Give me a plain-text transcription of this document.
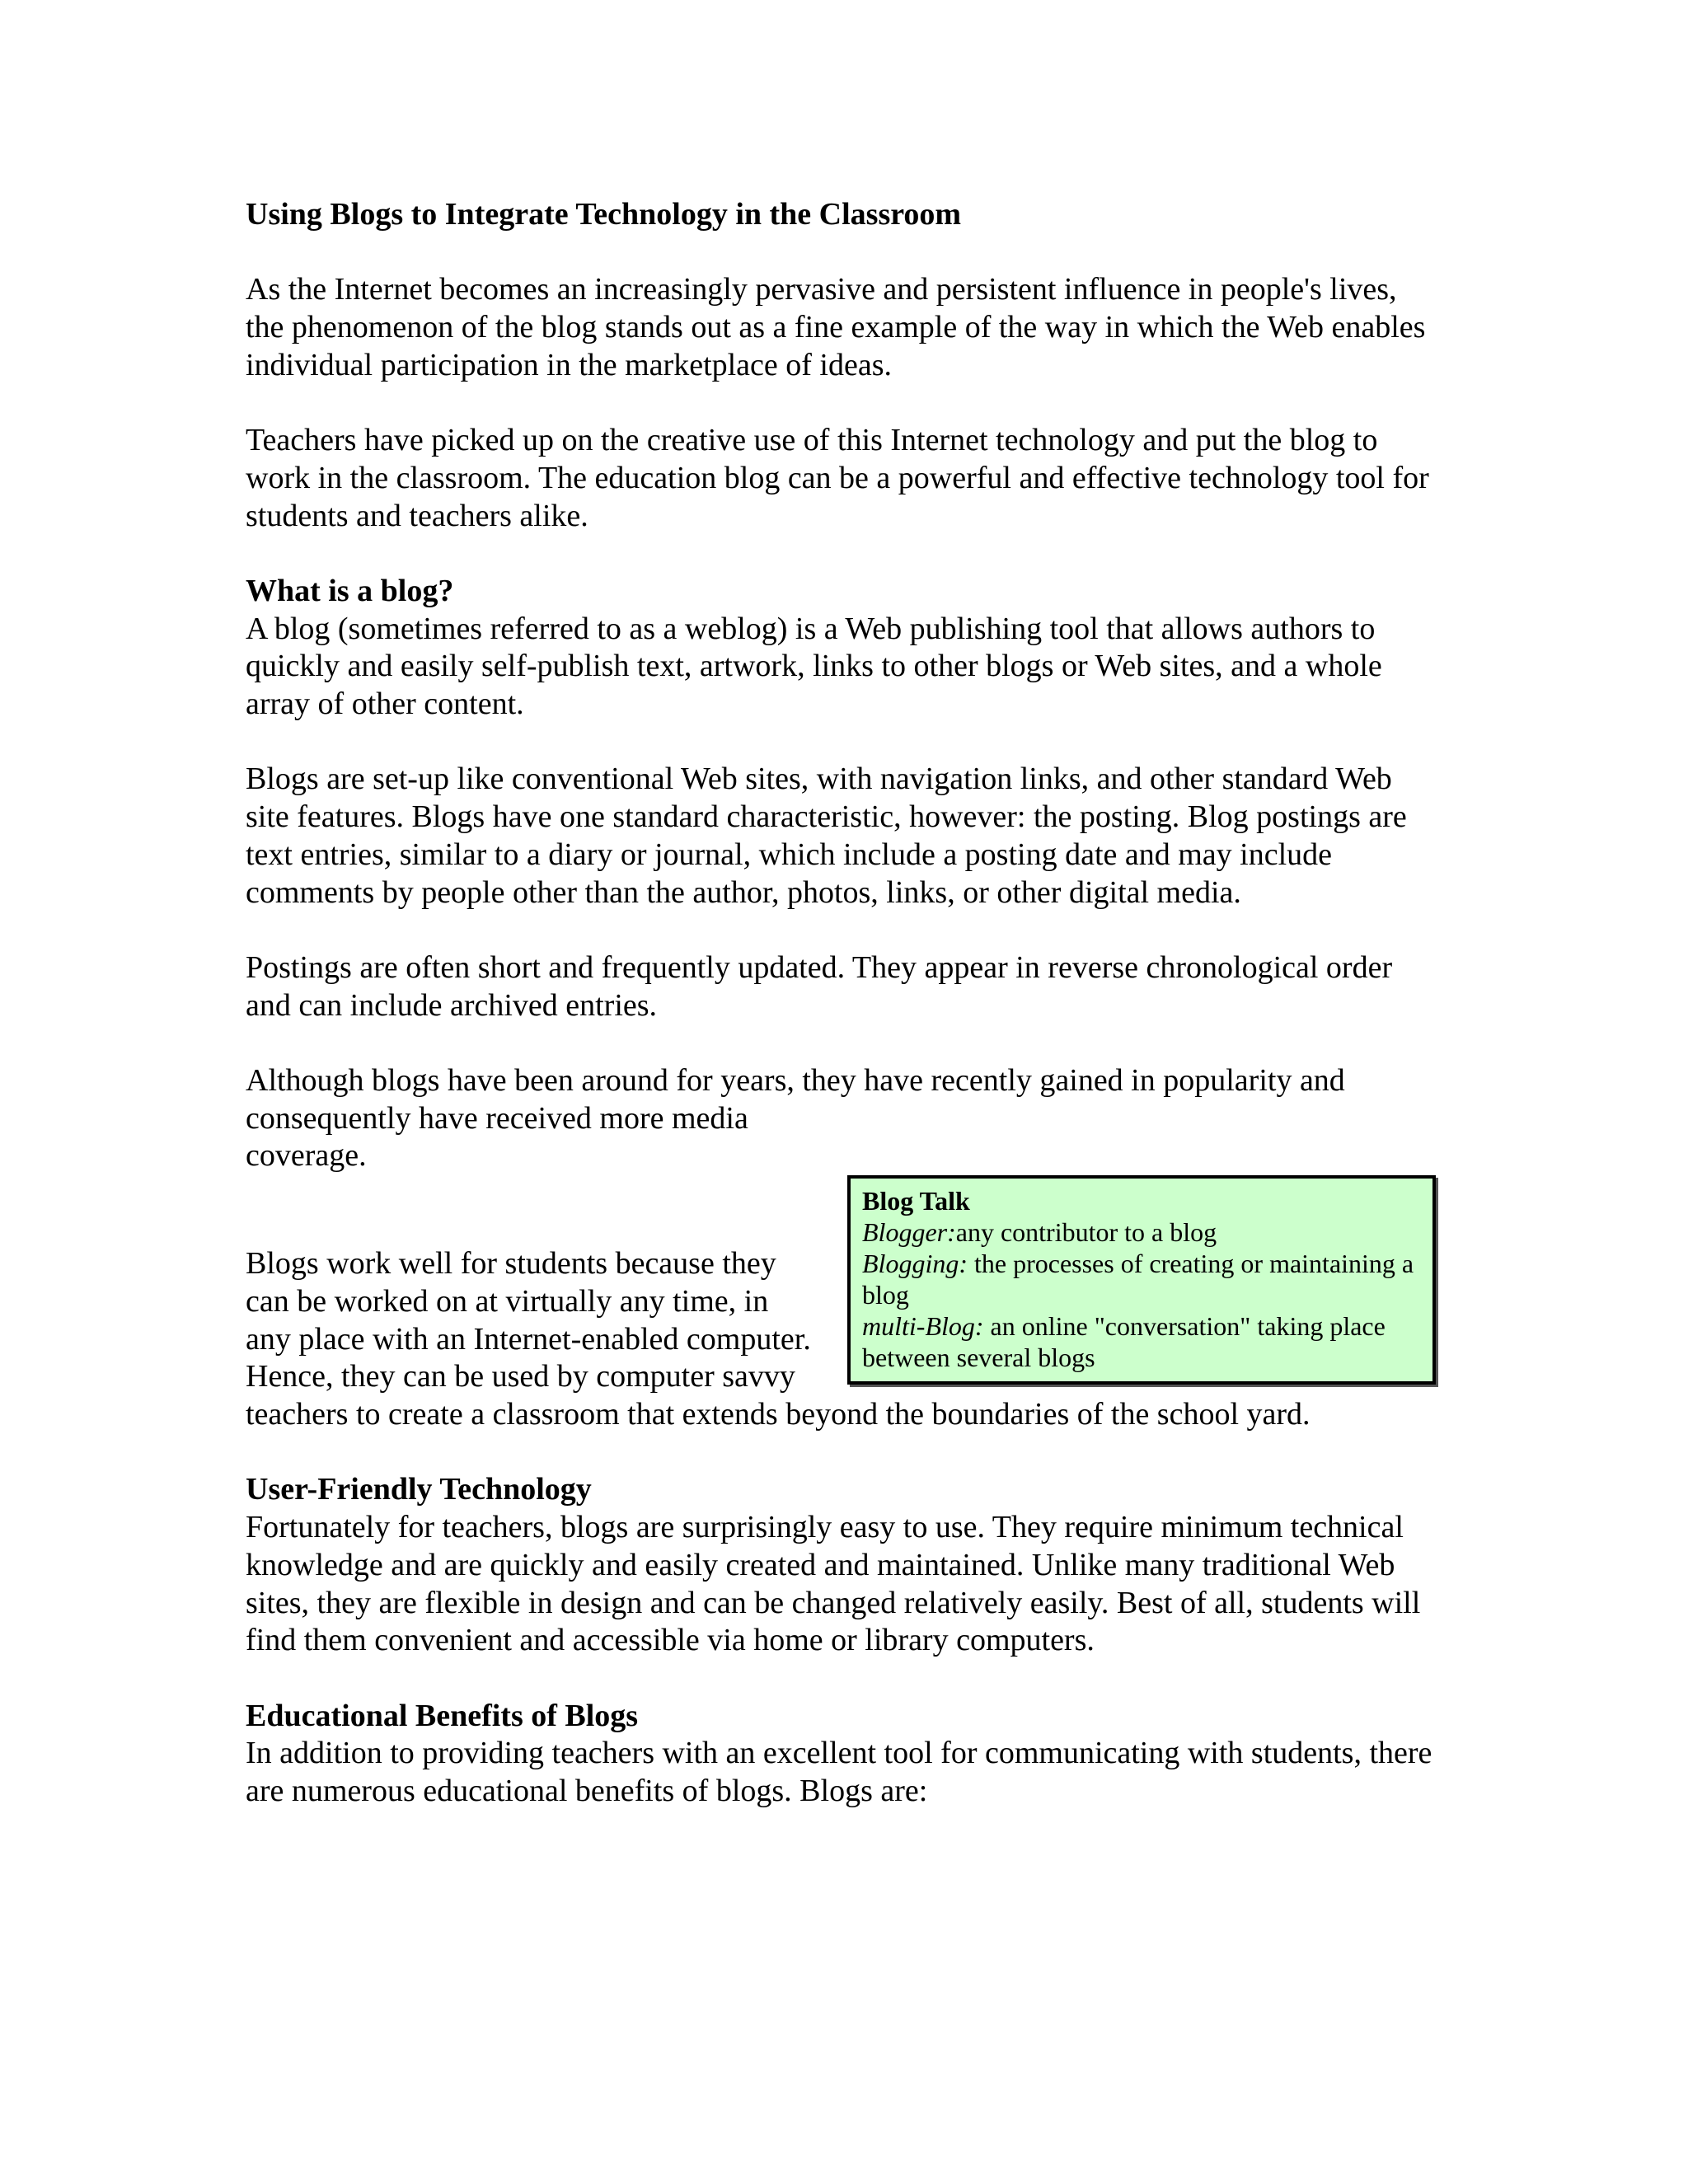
Using Blogs to Integrate Technology in the Classroom

As the Internet becomes an increasingly pervasive and persistent influence in people's lives, the phenomenon of the blog stands out as a fine example of the way in which the Web enables individual participation in the marketplace of ideas.

Teachers have picked up on the creative use of this Internet technology and put the blog to work in the classroom. The education blog can be a powerful and effective technology tool for students and teachers alike.

What is a blog?
A blog (sometimes referred to as a weblog) is a Web publishing tool that allows authors to quickly and easily self-publish text, artwork, links to other blogs or Web sites, and a whole array of other content.

Blogs are set-up like conventional Web sites, with navigation links, and other standard Web site features. Blogs have one standard characteristic, however: the posting. Blog postings are text entries, similar to a diary or journal, which include a posting date and may include comments by people other than the author, photos, links, or other digital media.

Postings are often short and frequently updated. They appear in reverse chronological order and can include archived entries.

Although blogs have been around for years, they have recently gained in popularity and
consequently have received more media
coverage.
Blog Talk
Blogger:any contributor to a blog
Blogging: the processes of creating or maintaining a blog
multi-Blog: an online "conversation" taking place between several blogs
Blogs work well for students because they can be worked on at virtually any time, in any place with an Internet-enabled computer. Hence, they can be used by computer savvy teachers to create a classroom that extends beyond the boundaries of the school yard.
User-Friendly Technology
Fortunately for teachers, blogs are surprisingly easy to use. They require minimum technical knowledge and are quickly and easily created and maintained. Unlike many traditional Web sites, they are flexible in design and can be changed relatively easily. Best of all, students will find them convenient and accessible via home or library computers.
Educational Benefits of Blogs
In addition to providing teachers with an excellent tool for communicating with students, there are numerous educational benefits of blogs. Blogs are:
